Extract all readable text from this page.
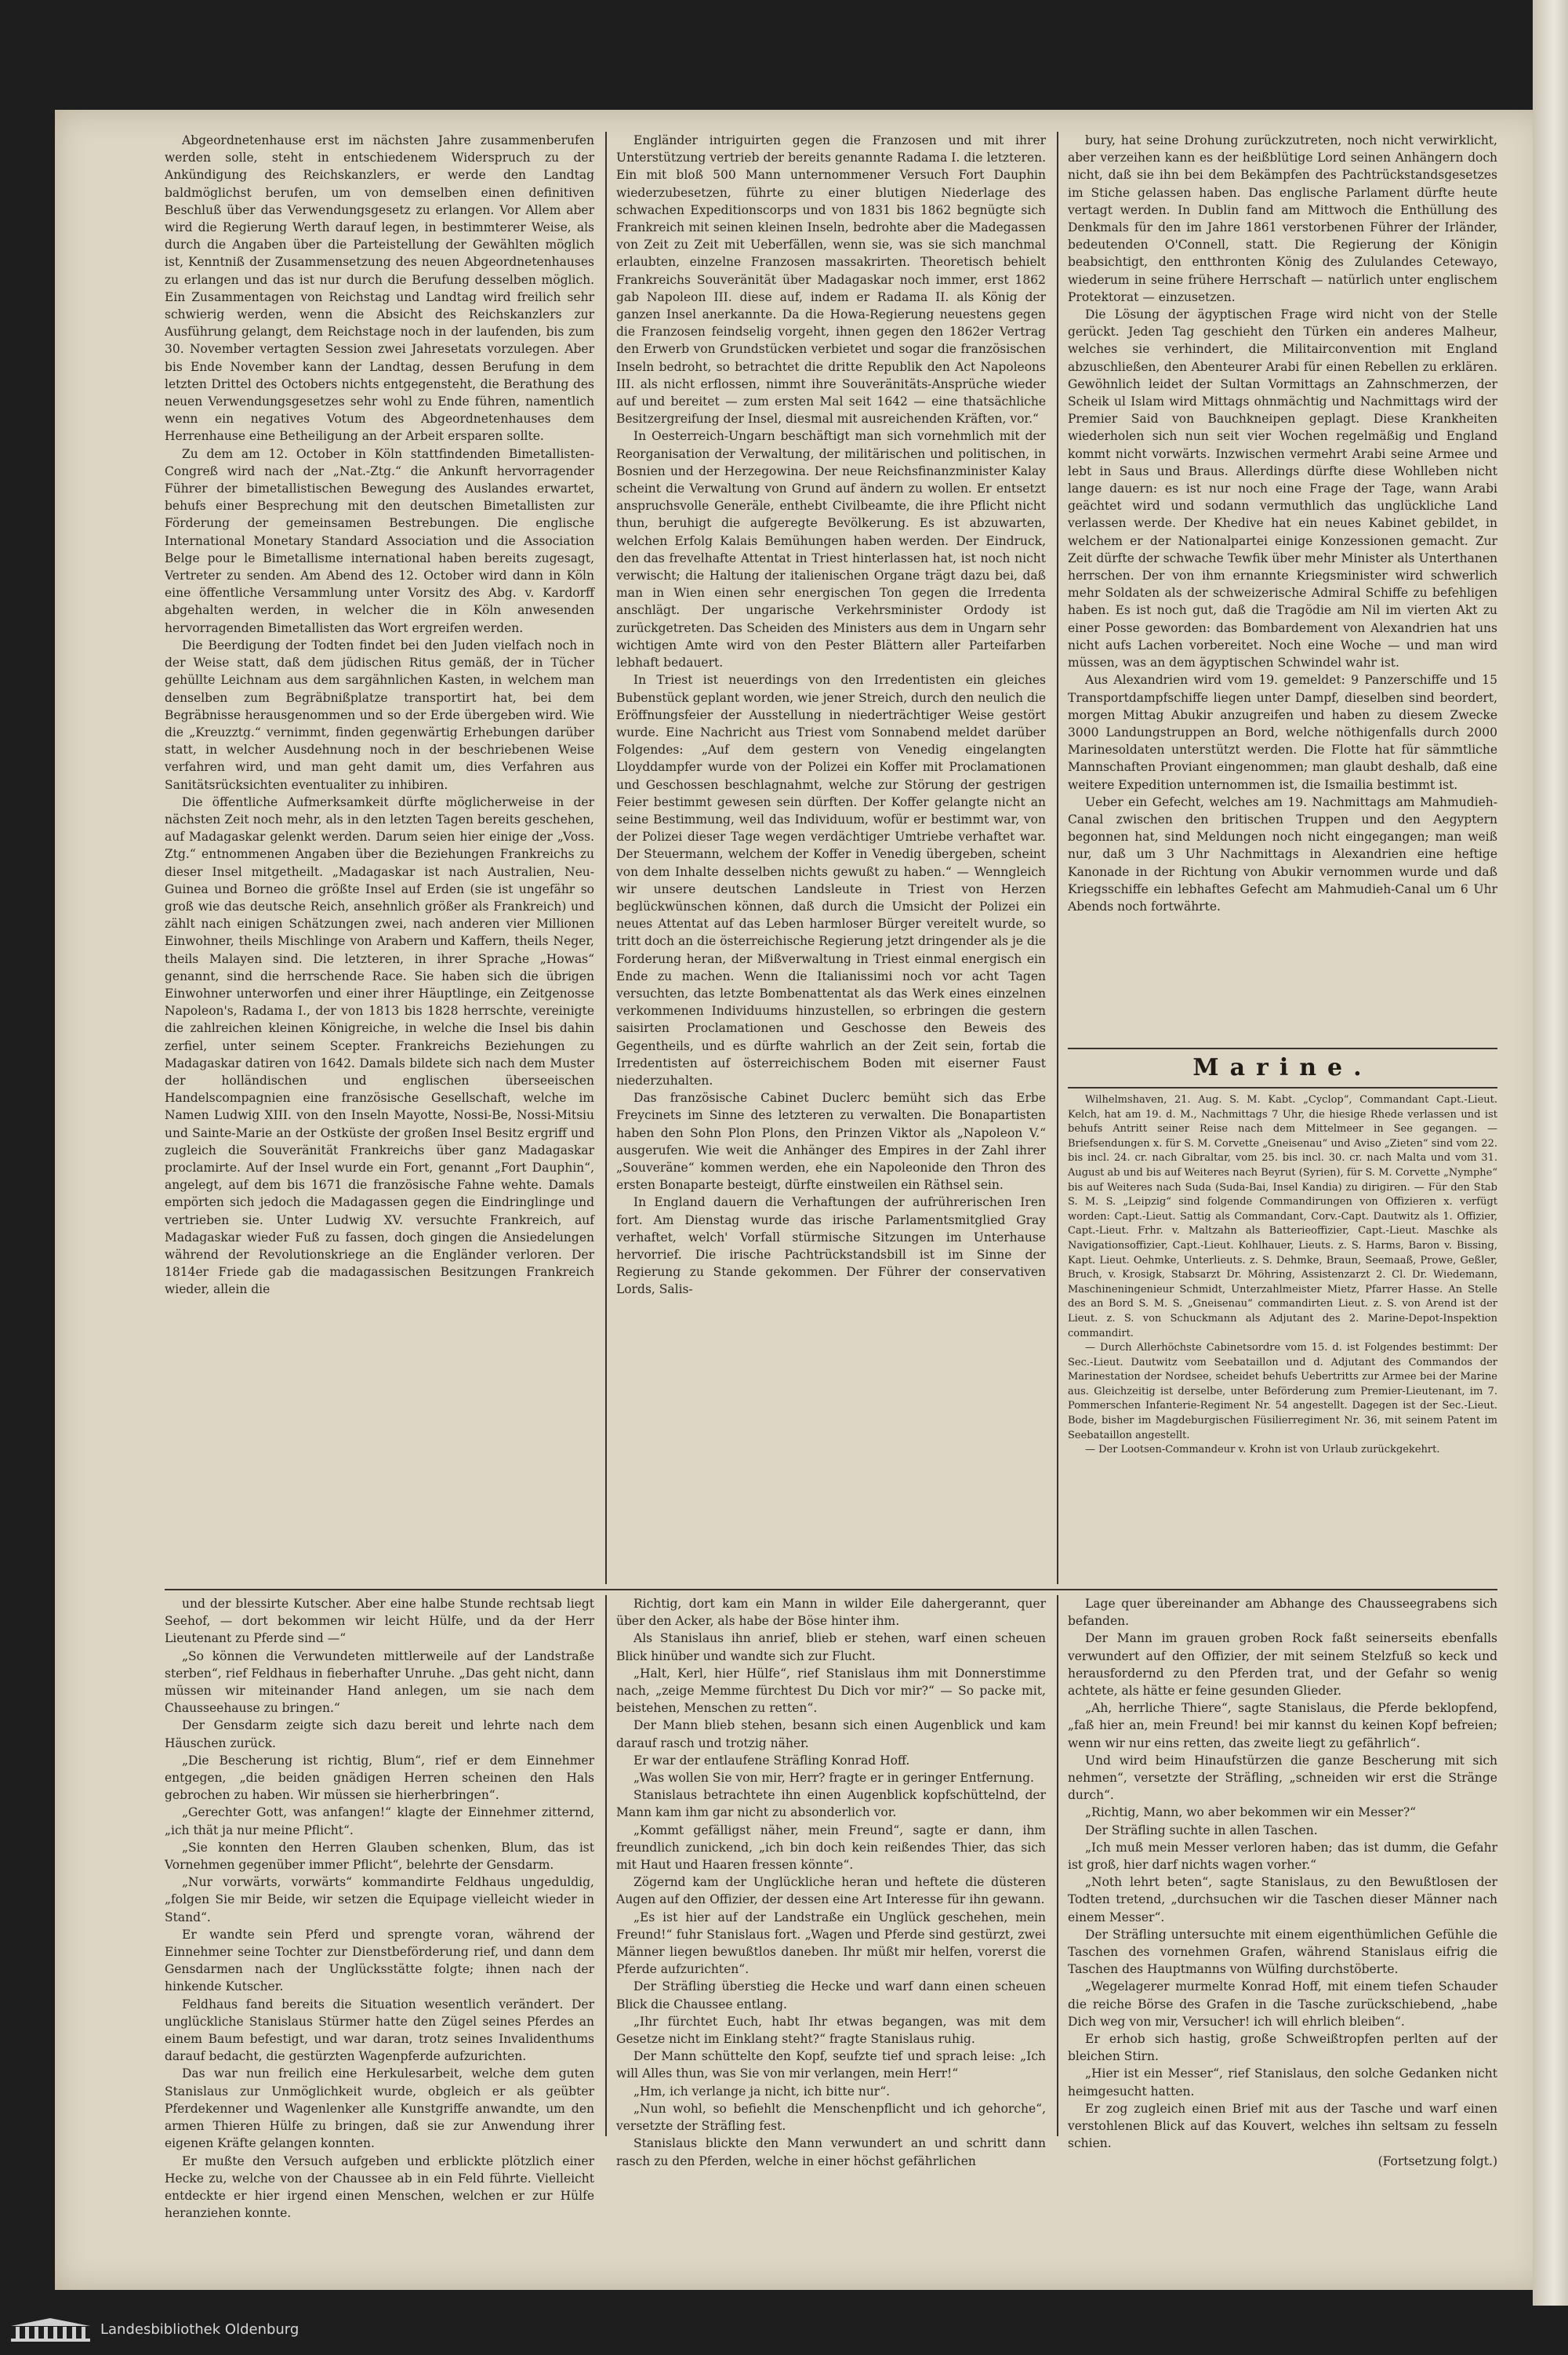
Abgeordnetenhause erst im nächsten Jahre zusammenberufen werden solle, steht in entschiedenem Widerspruch zu der Ankündigung des Reichskanzlers, er werde den Landtag baldmöglichst berufen, um von demselben einen definitiven Beschluß über das Verwendungsgesetz zu erlangen. Vor Allem aber wird die Regierung Werth darauf legen, in bestimmterer Weise, als durch die Angaben über die Parteistellung der Gewählten möglich ist, Kenntniß der Zusammensetzung des neuen Abgeordnetenhauses zu erlangen und das ist nur durch die Berufung desselben möglich. Ein Zusammentagen von Reichstag und Landtag wird freilich sehr schwierig werden, wenn die Absicht des Reichskanzlers zur Ausführung gelangt, dem Reichstage noch in der laufenden, bis zum 30. November vertagten Session zwei Jahresetats vorzulegen. Aber bis Ende November kann der Landtag, dessen Berufung in dem letzten Drittel des Octobers nichts entgegensteht, die Berathung des neuen Verwendungsgesetzes sehr wohl zu Ende führen, namentlich wenn ein negatives Votum des Abgeordnetenhauses dem Herrenhause eine Betheiligung an der Arbeit ersparen sollte.

Zu dem am 12. October in Köln stattfindenden Bimetallisten-Congreß wird nach der „Nat.-Ztg.“ die Ankunft hervorragender Führer der bimetallistischen Bewegung des Auslandes erwartet, behufs einer Besprechung mit den deutschen Bimetallisten zur Förderung der gemeinsamen Bestrebungen. Die englische International Monetary Standard Association und die Association Belge pour le Bimetallisme international haben bereits zugesagt, Vertreter zu senden. Am Abend des 12. October wird dann in Köln eine öffentliche Versammlung unter Vorsitz des Abg. v. Kardorff abgehalten werden, in welcher die in Köln anwesenden hervorragenden Bimetallisten das Wort ergreifen werden.

Die Beerdigung der Todten findet bei den Juden vielfach noch in der Weise statt, daß dem jüdischen Ritus gemäß, der in Tücher gehüllte Leichnam aus dem sargähnlichen Kasten, in welchem man denselben zum Begräbnißplatze transportirt hat, bei dem Begräbnisse herausgenommen und so der Erde übergeben wird. Wie die „Kreuzztg.“ vernimmt, finden gegenwärtig Erhebungen darüber statt, in welcher Ausdehnung noch in der beschriebenen Weise verfahren wird, und man geht damit um, dies Verfahren aus Sanitätsrücksichten eventualiter zu inhibiren.

Die öffentliche Aufmerksamkeit dürfte möglicherweise in der nächsten Zeit noch mehr, als in den letzten Tagen bereits geschehen, auf Madagaskar gelenkt werden. Darum seien hier einige der „Voss. Ztg.“ entnommenen Angaben über die Beziehungen Frankreichs zu dieser Insel mitgetheilt. „Madagaskar ist nach Australien, Neu-Guinea und Borneo die größte Insel auf Erden (sie ist ungefähr so groß wie das deutsche Reich, ansehnlich größer als Frankreich) und zählt nach einigen Schätzungen zwei, nach anderen vier Millionen Einwohner, theils Mischlinge von Arabern und Kaffern, theils Neger, theils Malayen sind. Die letzteren, in ihrer Sprache „Howas“ genannt, sind die herrschende Race. Sie haben sich die übrigen Einwohner unterworfen und einer ihrer Häuptlinge, ein Zeitgenosse Napoleon's, Radama I., der von 1813 bis 1828 herrschte, vereinigte die zahlreichen kleinen Königreiche, in welche die Insel bis dahin zerfiel, unter seinem Scepter. Frankreichs Beziehungen zu Madagaskar datiren von 1642. Damals bildete sich nach dem Muster der holländischen und englischen überseeischen Handelscompagnien eine französische Gesellschaft, welche im Namen Ludwig XIII. von den Inseln Mayotte, Nossi-Be, Nossi-Mitsiu und Sainte-Marie an der Ostküste der großen Insel Besitz ergriff und zugleich die Souveränität Frankreichs über ganz Madagaskar proclamirte. Auf der Insel wurde ein Fort, genannt „Fort Dauphin“, angelegt, auf dem bis 1671 die französische Fahne wehte. Damals empörten sich jedoch die Madagassen gegen die Eindringlinge und vertrieben sie. Unter Ludwig XV. versuchte Frankreich, auf Madagaskar wieder Fuß zu fassen, doch gingen die Ansiedelungen während der Revolutionskriege an die Engländer verloren. Der 1814er Friede gab die madagassischen Besitzungen Frankreich wieder, allein die

Engländer intriguirten gegen die Franzosen und mit ihrer Unterstützung vertrieb der bereits genannte Radama I. die letzteren. Ein mit bloß 500 Mann unternommener Versuch Fort Dauphin wiederzubesetzen, führte zu einer blutigen Niederlage des schwachen Expeditionscorps und von 1831 bis 1862 begnügte sich Frankreich mit seinen kleinen Inseln, bedrohte aber die Madegassen von Zeit zu Zeit mit Ueberfällen, wenn sie, was sie sich manchmal erlaubten, einzelne Franzosen massakrirten. Theoretisch behielt Frankreichs Souveränität über Madagaskar noch immer, erst 1862 gab Napoleon III. diese auf, indem er Radama II. als König der ganzen Insel anerkannte. Da die Howa-Regierung neuestens gegen die Franzosen feindselig vorgeht, ihnen gegen den 1862er Vertrag den Erwerb von Grundstücken verbietet und sogar die französischen Inseln bedroht, so betrachtet die dritte Republik den Act Napoleons III. als nicht erflossen, nimmt ihre Souveränitäts-Ansprüche wieder auf und bereitet — zum ersten Mal seit 1642 — eine thatsächliche Besitzergreifung der Insel, diesmal mit ausreichenden Kräften, vor.“

In Oesterreich-Ungarn beschäftigt man sich vornehmlich mit der Reorganisation der Verwaltung, der militärischen und politischen, in Bosnien und der Herzegowina. Der neue Reichsfinanzminister Kalay scheint die Verwaltung von Grund auf ändern zu wollen. Er entsetzt anspruchsvolle Generäle, enthebt Civilbeamte, die ihre Pflicht nicht thun, beruhigt die aufgeregte Bevölkerung. Es ist abzuwarten, welchen Erfolg Kalais Bemühungen haben werden. Der Eindruck, den das frevelhafte Attentat in Triest hinterlassen hat, ist noch nicht verwischt; die Haltung der italienischen Organe trägt dazu bei, daß man in Wien einen sehr energischen Ton gegen die Irredenta anschlägt. Der ungarische Verkehrsminister Ordody ist zurückgetreten. Das Scheiden des Ministers aus dem in Ungarn sehr wichtigen Amte wird von den Pester Blättern aller Parteifarben lebhaft bedauert.

In Triest ist neuerdings von den Irredentisten ein gleiches Bubenstück geplant worden, wie jener Streich, durch den neulich die Eröffnungsfeier der Ausstellung in niederträchtiger Weise gestört wurde. Eine Nachricht aus Triest vom Sonnabend meldet darüber Folgendes: „Auf dem gestern von Venedig eingelangten Lloyddampfer wurde von der Polizei ein Koffer mit Proclamationen und Geschossen beschlagnahmt, welche zur Störung der gestrigen Feier bestimmt gewesen sein dürften. Der Koffer gelangte nicht an seine Bestimmung, weil das Individuum, wofür er bestimmt war, von der Polizei dieser Tage wegen verdächtiger Umtriebe verhaftet war. Der Steuermann, welchem der Koffer in Venedig übergeben, scheint von dem Inhalte desselben nichts gewußt zu haben.“ — Wenngleich wir unsere deutschen Landsleute in Triest von Herzen beglückwünschen können, daß durch die Umsicht der Polizei ein neues Attentat auf das Leben harmloser Bürger vereitelt wurde, so tritt doch an die österreichische Regierung jetzt dringender als je die Forderung heran, der Mißverwaltung in Triest einmal energisch ein Ende zu machen. Wenn die Italianissimi noch vor acht Tagen versuchten, das letzte Bombenattentat als das Werk eines einzelnen verkommenen Individuums hinzustellen, so erbringen die gestern saisirten Proclamationen und Geschosse den Beweis des Gegentheils, und es dürfte wahrlich an der Zeit sein, fortab die Irredentisten auf österreichischem Boden mit eiserner Faust niederzuhalten.

Das französische Cabinet Duclerc bemüht sich das Erbe Freycinets im Sinne des letzteren zu verwalten. Die Bonapartisten haben den Sohn Plon Plons, den Prinzen Viktor als „Napoleon V.“ ausgerufen. Wie weit die Anhänger des Empires in der Zahl ihrer „Souveräne“ kommen werden, ehe ein Napoleonide den Thron des ersten Bonaparte besteigt, dürfte einstweilen ein Räthsel sein.

In England dauern die Verhaftungen der aufrührerischen Iren fort. Am Dienstag wurde das irische Parlamentsmitglied Gray verhaftet, welch' Vorfall stürmische Sitzungen im Unterhause hervorrief. Die irische Pachtrückstandsbill ist im Sinne der Regierung zu Stande gekommen. Der Führer der conservativen Lords, Salis-

bury, hat seine Drohung zurückzutreten, noch nicht verwirklicht, aber verzeihen kann es der heißblütige Lord seinen Anhängern doch nicht, daß sie ihn bei dem Bekämpfen des Pachtrückstandsgesetzes im Stiche gelassen haben. Das englische Parlament dürfte heute vertagt werden. In Dublin fand am Mittwoch die Enthüllung des Denkmals für den im Jahre 1861 verstorbenen Führer der Irländer, bedeutenden O'Connell, statt. Die Regierung der Königin beabsichtigt, den entthronten König des Zululandes Cetewayo, wiederum in seine frühere Herrschaft — natürlich unter englischem Protektorat — einzusetzen.

Die Lösung der ägyptischen Frage wird nicht von der Stelle gerückt. Jeden Tag geschieht den Türken ein anderes Malheur, welches sie verhindert, die Militairconvention mit England abzuschließen, den Abenteurer Arabi für einen Rebellen zu erklären. Gewöhnlich leidet der Sultan Vormittags an Zahnschmerzen, der Scheik ul Islam wird Mittags ohnmächtig und Nachmittags wird der Premier Said von Bauchkneipen geplagt. Diese Krankheiten wiederholen sich nun seit vier Wochen regelmäßig und England kommt nicht vorwärts. Inzwischen vermehrt Arabi seine Armee und lebt in Saus und Braus. Allerdings dürfte diese Wohlleben nicht lange dauern: es ist nur noch eine Frage der Tage, wann Arabi geächtet wird und sodann vermuthlich das unglückliche Land verlassen werde. Der Khedive hat ein neues Kabinet gebildet, in welchem er der Nationalpartei einige Konzessionen gemacht. Zur Zeit dürfte der schwache Tewfik über mehr Minister als Unterthanen herrschen. Der von ihm ernannte Kriegsminister wird schwerlich mehr Soldaten als der schweizerische Admiral Schiffe zu befehligen haben. Es ist noch gut, daß die Tragödie am Nil im vierten Akt zu einer Posse geworden: das Bombardement von Alexandrien hat uns nicht aufs Lachen vorbereitet. Noch eine Woche — und man wird müssen, was an dem ägyptischen Schwindel wahr ist.

Aus Alexandrien wird vom 19. gemeldet: 9 Panzerschiffe und 15 Transportdampfschiffe liegen unter Dampf, dieselben sind beordert, morgen Mittag Abukir anzugreifen und haben zu diesem Zwecke 3000 Landungstruppen an Bord, welche nöthigenfalls durch 2000 Marinesoldaten unterstützt werden. Die Flotte hat für sämmtliche Mannschaften Proviant eingenommen; man glaubt deshalb, daß eine weitere Expedition unternommen ist, die Ismailia bestimmt ist.

Ueber ein Gefecht, welches am 19. Nachmittags am Mahmudieh-Canal zwischen den britischen Truppen und den Aegyptern begonnen hat, sind Meldungen noch nicht eingegangen; man weiß nur, daß um 3 Uhr Nachmittags in Alexandrien eine heftige Kanonade in der Richtung von Abukir vernommen wurde und daß Kriegsschiffe ein lebhaftes Gefecht am Mahmudieh-Canal um 6 Uhr Abends noch fortwährte.

Marine.

Wilhelmshaven, 21. Aug. S. M. Kabt. „Cyclop“, Commandant Capt.-Lieut. Kelch, hat am 19. d. M., Nachmittags 7 Uhr, die hiesige Rhede verlassen und ist behufs Antritt seiner Reise nach dem Mittelmeer in See gegangen. — Briefsendungen x. für S. M. Corvette „Gneisenau“ und Aviso „Zieten“ sind vom 22. bis incl. 24. cr. nach Gibraltar, vom 25. bis incl. 30. cr. nach Malta und vom 31. August ab und bis auf Weiteres nach Beyrut (Syrien), für S. M. Corvette „Nymphe“ bis auf Weiteres nach Suda (Suda-Bai, Insel Kandia) zu dirigiren. — Für den Stab S. M. S. „Leipzig“ sind folgende Commandirungen von Offizieren x. verfügt worden: Capt.-Lieut. Sattig als Commandant, Corv.-Capt. Dautwitz als 1. Offizier, Capt.-Lieut. Frhr. v. Maltzahn als Batterieoffizier, Capt.-Lieut. Maschke als Navigationsoffizier, Capt.-Lieut. Kohlhauer, Lieuts. z. S. Harms, Baron v. Bissing, Kapt. Lieut. Oehmke, Unterlieuts. z. S. Dehmke, Braun, Seemaaß, Prowe, Geßler, Bruch, v. Krosigk, Stabsarzt Dr. Möhring, Assistenzarzt 2. Cl. Dr. Wiedemann, Maschineningenieur Schmidt, Unterzahlmeister Mietz, Pfarrer Hasse. An Stelle des an Bord S. M. S. „Gneisenau“ commandirten Lieut. z. S. von Arend ist der Lieut. z. S. von Schuckmann als Adjutant des 2. Marine-Depot-Inspektion commandirt.

— Durch Allerhöchste Cabinetsordre vom 15. d. ist Folgendes bestimmt: Der Sec.-Lieut. Dautwitz vom Seebataillon und d. Adjutant des Commandos der Marinestation der Nordsee, scheidet behufs Uebertritts zur Armee bei der Marine aus. Gleichzeitig ist derselbe, unter Beförderung zum Premier-Lieutenant, im 7. Pommerschen Infanterie-Regiment Nr. 54 angestellt. Dagegen ist der Sec.-Lieut. Bode, bisher im Magdeburgischen Füsilierregiment Nr. 36, mit seinem Patent im Seebataillon angestellt.

— Der Lootsen-Commandeur v. Krohn ist von Urlaub zurückgekehrt.

und der blessirte Kutscher. Aber eine halbe Stunde rechtsab liegt Seehof, — dort bekommen wir leicht Hülfe, und da der Herr Lieutenant zu Pferde sind —“

„So können die Verwundeten mittlerweile auf der Landstraße sterben“, rief Feldhaus in fieberhafter Unruhe. „Das geht nicht, dann müssen wir miteinander Hand anlegen, um sie nach dem Chausseehause zu bringen.“

Der Gensdarm zeigte sich dazu bereit und lehrte nach dem Häuschen zurück.

„Die Bescherung ist richtig, Blum“, rief er dem Einnehmer entgegen, „die beiden gnädigen Herren scheinen den Hals gebrochen zu haben. Wir müssen sie hierherbringen“.

„Gerechter Gott, was anfangen!“ klagte der Einnehmer zitternd, „ich thät ja nur meine Pflicht“.

„Sie konnten den Herren Glauben schenken, Blum, das ist Vornehmen gegenüber immer Pflicht“, belehrte der Gensdarm.

„Nur vorwärts, vorwärts“ kommandirte Feldhaus ungeduldig, „folgen Sie mir Beide, wir setzen die Equipage vielleicht wieder in Stand“.

Er wandte sein Pferd und sprengte voran, während der Einnehmer seine Tochter zur Dienstbeförderung rief, und dann dem Gensdarmen nach der Unglücksstätte folgte; ihnen nach der hinkende Kutscher.

Feldhaus fand bereits die Situation wesentlich verändert. Der unglückliche Stanislaus Stürmer hatte den Zügel seines Pferdes an einem Baum befestigt, und war daran, trotz seines Invalidenthums darauf bedacht, die gestürzten Wagenpferde aufzurichten.

Das war nun freilich eine Herkulesarbeit, welche dem guten Stanislaus zur Unmöglichkeit wurde, obgleich er als geübter Pferdekenner und Wagenlenker alle Kunstgriffe anwandte, um den armen Thieren Hülfe zu bringen, daß sie zur Anwendung ihrer eigenen Kräfte gelangen konnten.

Er mußte den Versuch aufgeben und erblickte plötzlich einer Hecke zu, welche von der Chaussee ab in ein Feld führte. Vielleicht entdeckte er hier irgend einen Menschen, welchen er zur Hülfe heranziehen konnte.

Richtig, dort kam ein Mann in wilder Eile dahergerannt, quer über den Acker, als habe der Böse hinter ihm.

Als Stanislaus ihn anrief, blieb er stehen, warf einen scheuen Blick hinüber und wandte sich zur Flucht.

„Halt, Kerl, hier Hülfe“, rief Stanislaus ihm mit Donnerstimme nach, „zeige Memme fürchtest Du Dich vor mir?“ — So packe mit, beistehen, Menschen zu retten“.

Der Mann blieb stehen, besann sich einen Augenblick und kam darauf rasch und trotzig näher.

Er war der entlaufene Sträfling Konrad Hoff.

„Was wollen Sie von mir, Herr? fragte er in geringer Entfernung.

Stanislaus betrachtete ihn einen Augenblick kopfschüttelnd, der Mann kam ihm gar nicht zu absonderlich vor.

„Kommt gefälligst näher, mein Freund“, sagte er dann, ihm freundlich zunickend, „ich bin doch kein reißendes Thier, das sich mit Haut und Haaren fressen könnte“.

Zögernd kam der Unglückliche heran und heftete die düsteren Augen auf den Offizier, der dessen eine Art Interesse für ihn gewann.

„Es ist hier auf der Landstraße ein Unglück geschehen, mein Freund!“ fuhr Stanislaus fort. „Wagen und Pferde sind gestürzt, zwei Männer liegen bewußtlos daneben. Ihr müßt mir helfen, vorerst die Pferde aufzurichten“.

Der Sträfling überstieg die Hecke und warf dann einen scheuen Blick die Chaussee entlang.

„Ihr fürchtet Euch, habt Ihr etwas begangen, was mit dem Gesetze nicht im Einklang steht?“ fragte Stanislaus ruhig.

Der Mann schüttelte den Kopf, seufzte tief und sprach leise: „Ich will Alles thun, was Sie von mir verlangen, mein Herr!“

„Hm, ich verlange ja nicht, ich bitte nur“.

„Nun wohl, so befiehlt die Menschenpflicht und ich gehorche“, versetzte der Sträfling fest.

Stanislaus blickte den Mann verwundert an und schritt dann rasch zu den Pferden, welche in einer höchst gefährlichen

Lage quer übereinander am Abhange des Chausseegrabens sich befanden.

Der Mann im grauen groben Rock faßt seinerseits ebenfalls verwundert auf den Offizier, der mit seinem Stelzfuß so keck und herausfordernd zu den Pferden trat, und der Gefahr so wenig achtete, als hätte er feine gesunden Glieder.

„Ah, herrliche Thiere“, sagte Stanislaus, die Pferde beklopfend, „faß hier an, mein Freund! bei mir kannst du keinen Kopf befreien; wenn wir nur eins retten, das zweite liegt zu gefährlich“.

Und wird beim Hinaufstürzen die ganze Bescherung mit sich nehmen“, versetzte der Sträfling, „schneiden wir erst die Stränge durch“.

„Richtig, Mann, wo aber bekommen wir ein Messer?“

Der Sträfling suchte in allen Taschen.

„Ich muß mein Messer verloren haben; das ist dumm, die Gefahr ist groß, hier darf nichts wagen vorher.“

„Noth lehrt beten“, sagte Stanislaus, zu den Bewußtlosen der Todten tretend, „durchsuchen wir die Taschen dieser Männer nach einem Messer“.

Der Sträfling untersuchte mit einem eigenthümlichen Gefühle die Taschen des vornehmen Grafen, während Stanislaus eifrig die Taschen des Hauptmanns von Wülfing durchstöberte.

„Wegelagerer murmelte Konrad Hoff, mit einem tiefen Schauder die reiche Börse des Grafen in die Tasche zurückschiebend, „habe Dich weg von mir, Versucher! ich will ehrlich bleiben“.

Er erhob sich hastig, große Schweißtropfen perlten auf der bleichen Stirn.

„Hier ist ein Messer“, rief Stanislaus, den solche Gedanken nicht heimgesucht hatten.

Er zog zugleich einen Brief mit aus der Tasche und warf einen verstohlenen Blick auf das Kouvert, welches ihn seltsam zu fesseln schien.

(Fortsetzung folgt.)

Landesbibliothek Oldenburg
